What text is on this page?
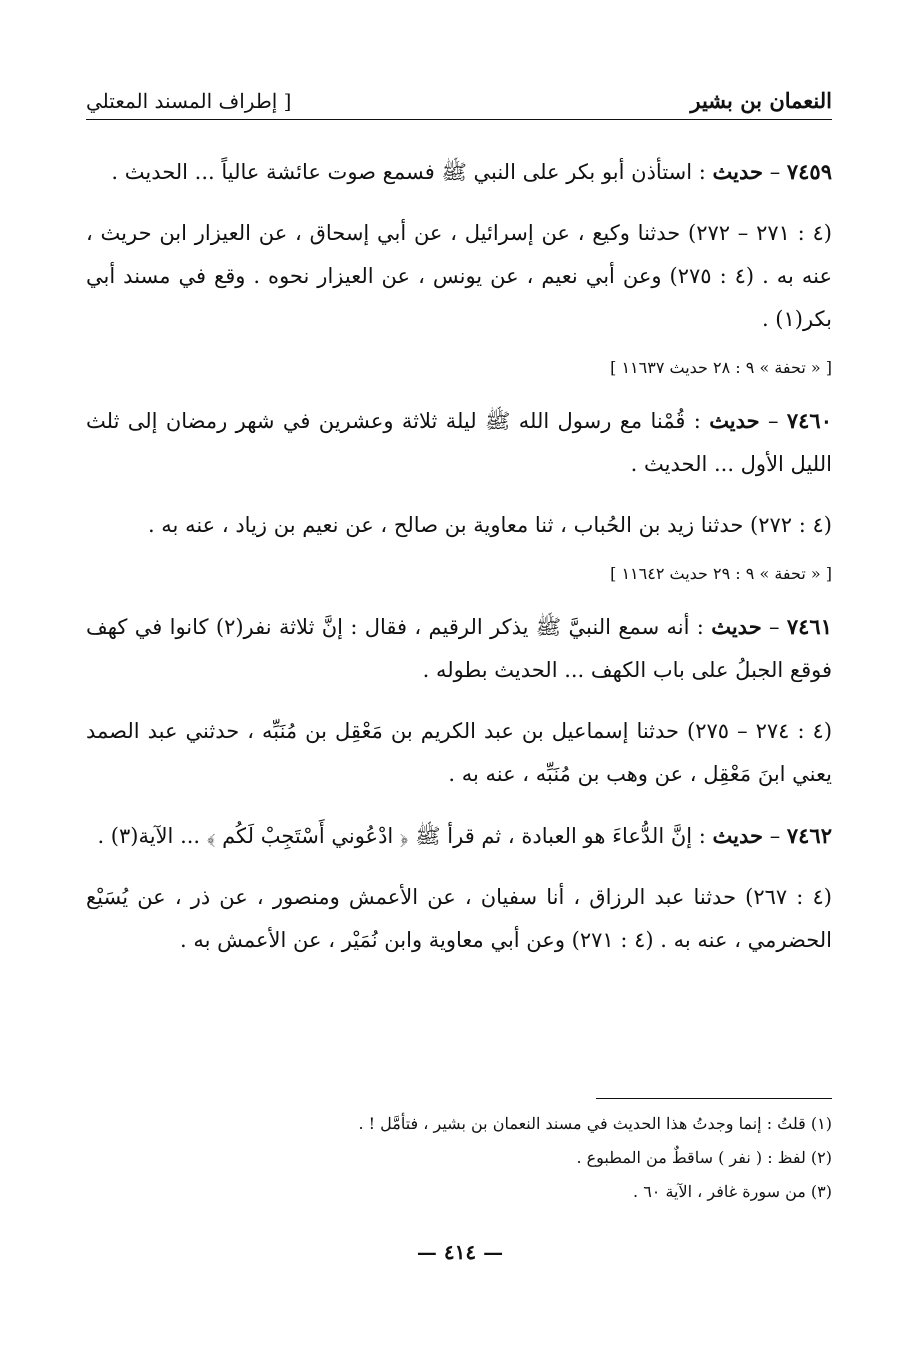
النعمان بن بشير
[ إطراف المسند المعتلي

٧٤٥٩ – حديث : استأذن أبو بكر على النبي ﷺ فسمع صوت عائشة عالياً ... الحديث .

(٤ : ٢٧١ – ٢٧٢) حدثنا وكيع ، عن إسرائيل ، عن أبي إسحاق ، عن العيزار ابن حريث ، عنه به . (٤ : ٢٧٥) وعن أبي نعيم ، عن يونس ، عن العيزار نحوه . وقع في مسند أبي بكر(١) .

[ « تحفة » ٩ : ٢٨ حديث ١١٦٣٧ ]

٧٤٦٠ – حديث : قُمْنا مع رسول الله ﷺ ليلة ثلاثة وعشرين في شهر رمضان إلى ثلث الليل الأول ... الحديث .

(٤ : ٢٧٢) حدثنا زيد بن الحُباب ، ثنا معاوية بن صالح ، عن نعيم بن زياد ، عنه به .

[ « تحفة » ٩ : ٢٩ حديث ١١٦٤٢ ]

٧٤٦١ – حديث : أنه سمع النبيَّ ﷺ يذكر الرقيم ، فقال : إنَّ ثلاثة نفر(٢) كانوا في كهف فوقع الجبلُ على باب الكهف ... الحديث بطوله .

(٤ : ٢٧٤ – ٢٧٥) حدثنا إسماعيل بن عبد الكريم بن مَعْقِل بن مُنَبِّه ، حدثني عبد الصمد يعني ابنَ مَعْقِل ، عن وهب بن مُنَبِّه ، عنه به .

٧٤٦٢ – حديث : إنَّ الدُّعاءَ هو العبادة ، ثم قرأ ﷺ ﴿ ادْعُوني أَسْتَجِبْ لَكُم ﴾ ... الآية(٣) .

(٤ : ٢٦٧) حدثنا عبد الرزاق ، أنا سفيان ، عن الأعمش ومنصور ، عن ذر ، عن يُسَيْع الحضرمي ، عنه به . (٤ : ٢٧١) وعن أبي معاوية وابن نُمَيْر ، عن الأعمش به .

(١) قلتُ : إنما وجدتُ هذا الحديث في مسند النعمان بن بشير ، فتأمَّل ! .
(٢) لفظ : ( نفر ) ساقطٌ من المطبوع .
(٣) من سورة غافر ، الآية ٦٠ .
— ٤١٤ —
